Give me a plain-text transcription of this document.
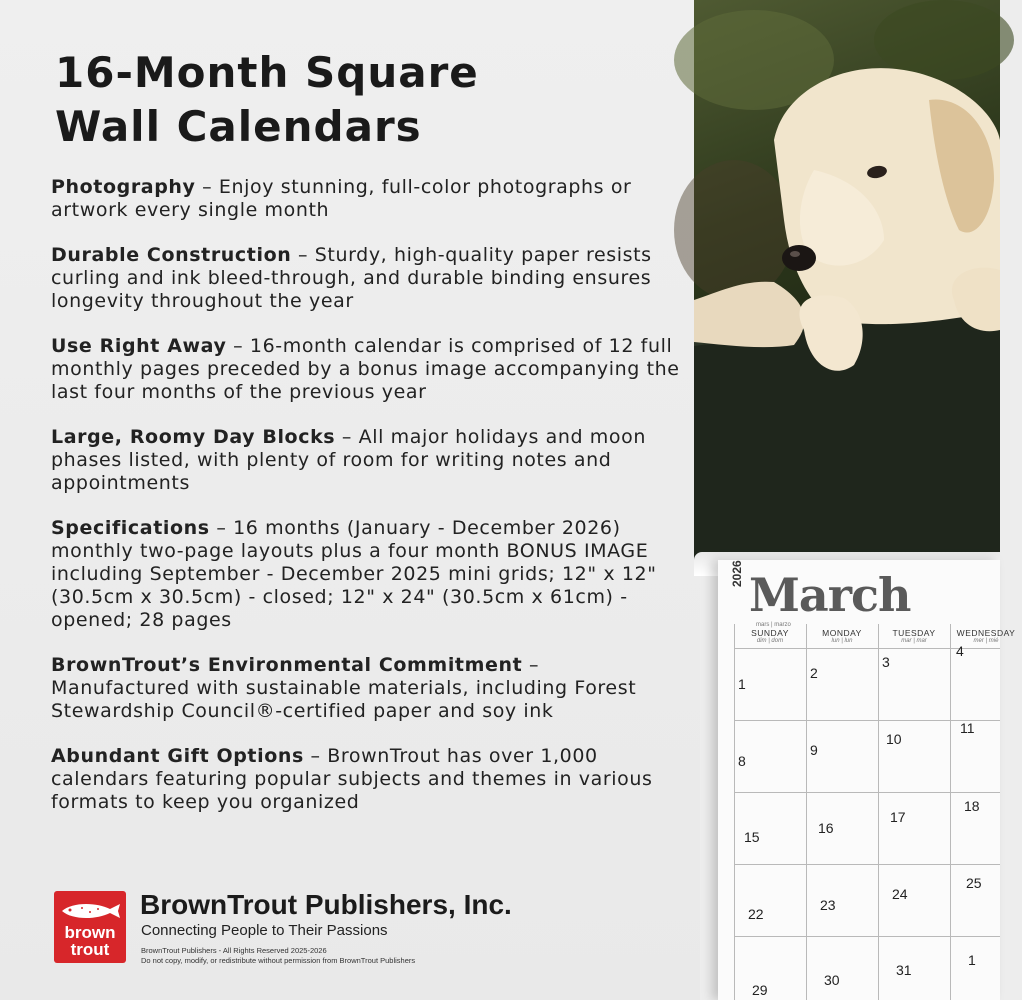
16-Month Square
Wall Calendars

Photography – Enjoy stunning, full-color photographs or artwork every single month

Durable Construction – Sturdy, high-quality paper resists curling and ink bleed-through, and durable binding ensures longevity throughout the year

Use Right Away – 16-month calendar is comprised of 12 full monthly pages preceded by a bonus image accompanying the last four months of the previous year

Large, Roomy Day Blocks – All major holidays and moon phases listed, with plenty of room for writing notes and appointments

Specifications – 16 months (January - December 2026) monthly two-page layouts plus a four month BONUS IMAGE including September - December 2025 mini grids; 12" x 12" (30.5cm x 30.5cm) - closed; 12" x 24" (30.5cm x 61cm) - opened; 28 pages

BrownTrout’s Environmental Commitment – Manufactured with sustainable materials, including Forest Stewardship Council®-certified paper and soy ink

Abundant Gift Options – BrownTrout has over 1,000 calendars featuring popular subjects and themes in various formats to keep you organized

brown
trout
BrownTrout Publishers, Inc.
Connecting People to Their Passions
BrownTrout Publishers - All Rights Reserved 2025-2026
Do not copy, modify, or redistribute without permission from BrownTrout Publishers
2026 March
mars | marzo
SUNDAY
dim | dom
MONDAY
lun | lun
TUESDAY
mar | mar
WEDNESDAY
mer | mié
1
2
3
4
8
9
10
11
15
16
17
18
22
23
24
25
29
30
31
1
